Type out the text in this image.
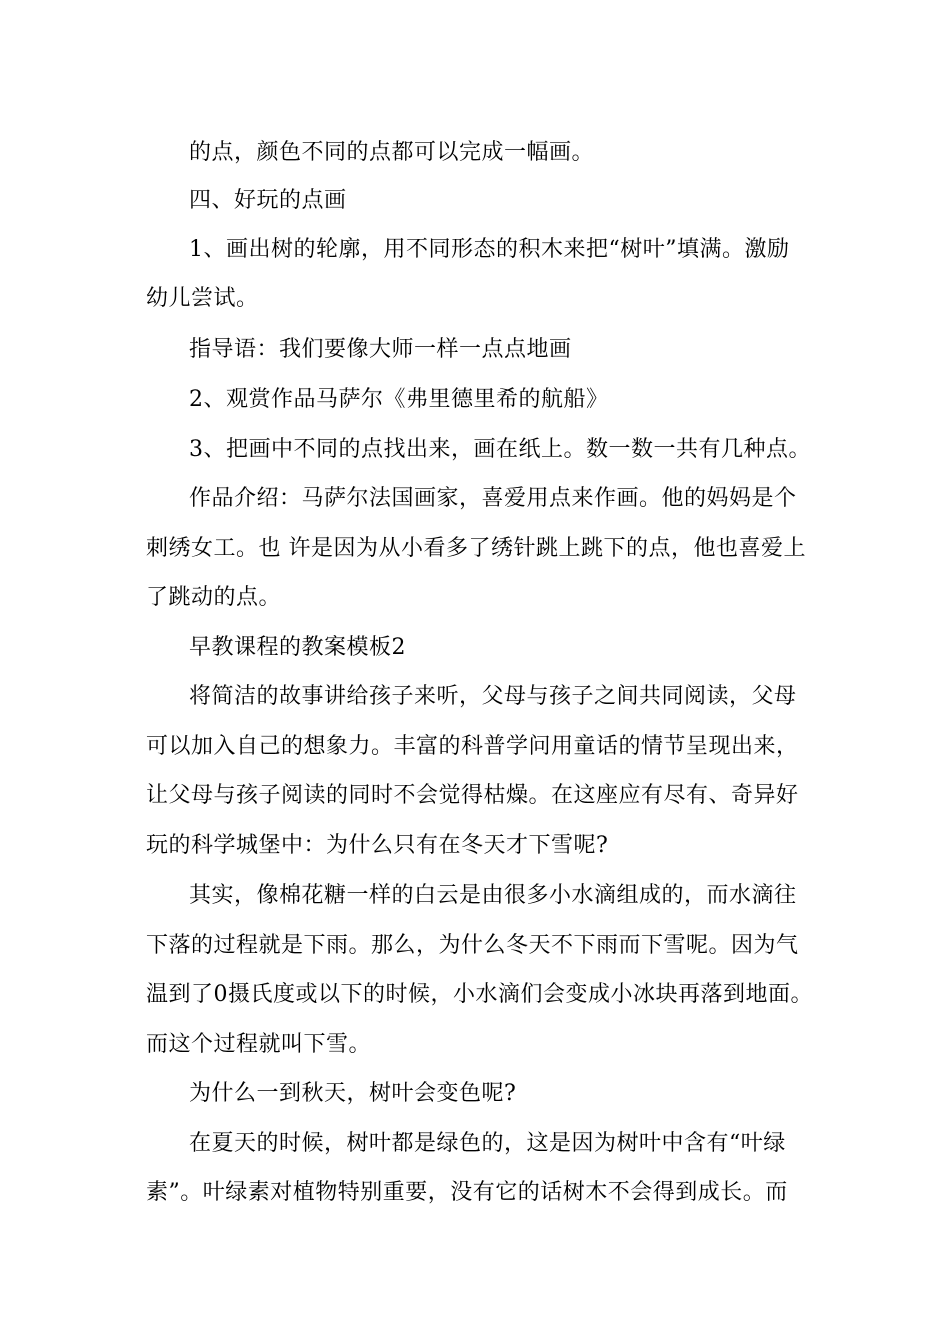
的点，颜色不同的点都可以完成一幅画。
四、好玩的点画
1、画出树的轮廓，用不同形态的积木来把“树叶”填满。激励
幼儿尝试。
指导语：我们要像大师一样一点点地画
2、观赏作品马萨尔《弗里德里希的航船》
3、把画中不同的点找出来，画在纸上。数一数一共有几种点。
作品介绍：马萨尔法国画家，喜爱用点来作画。他的妈妈是个
刺绣女工。也 许是因为从小看多了绣针跳上跳下的点，他也喜爱上
了跳动的点。
早教课程的教案模板2
将简洁的故事讲给孩子来听，父母与孩子之间共同阅读，父母
可以加入自己的想象力。丰富的科普学问用童话的情节呈现出来，
让父母与孩子阅读的同时不会觉得枯燥。在这座应有尽有、奇异好
玩的科学城堡中：为什么只有在冬天才下雪呢?
其实，像棉花糖一样的白云是由很多小水滴组成的，而水滴往
下落的过程就是下雨。那么，为什么冬天不下雨而下雪呢。因为气
温到了0摄氏度或以下的时候，小水滴们会变成小冰块再落到地面。
而这个过程就叫下雪。
为什么一到秋天，树叶会变色呢?
在夏天的时候，树叶都是绿色的，这是因为树叶中含有“叶绿
素”。叶绿素对植物特别重要，没有它的话树木不会得到成长。而
